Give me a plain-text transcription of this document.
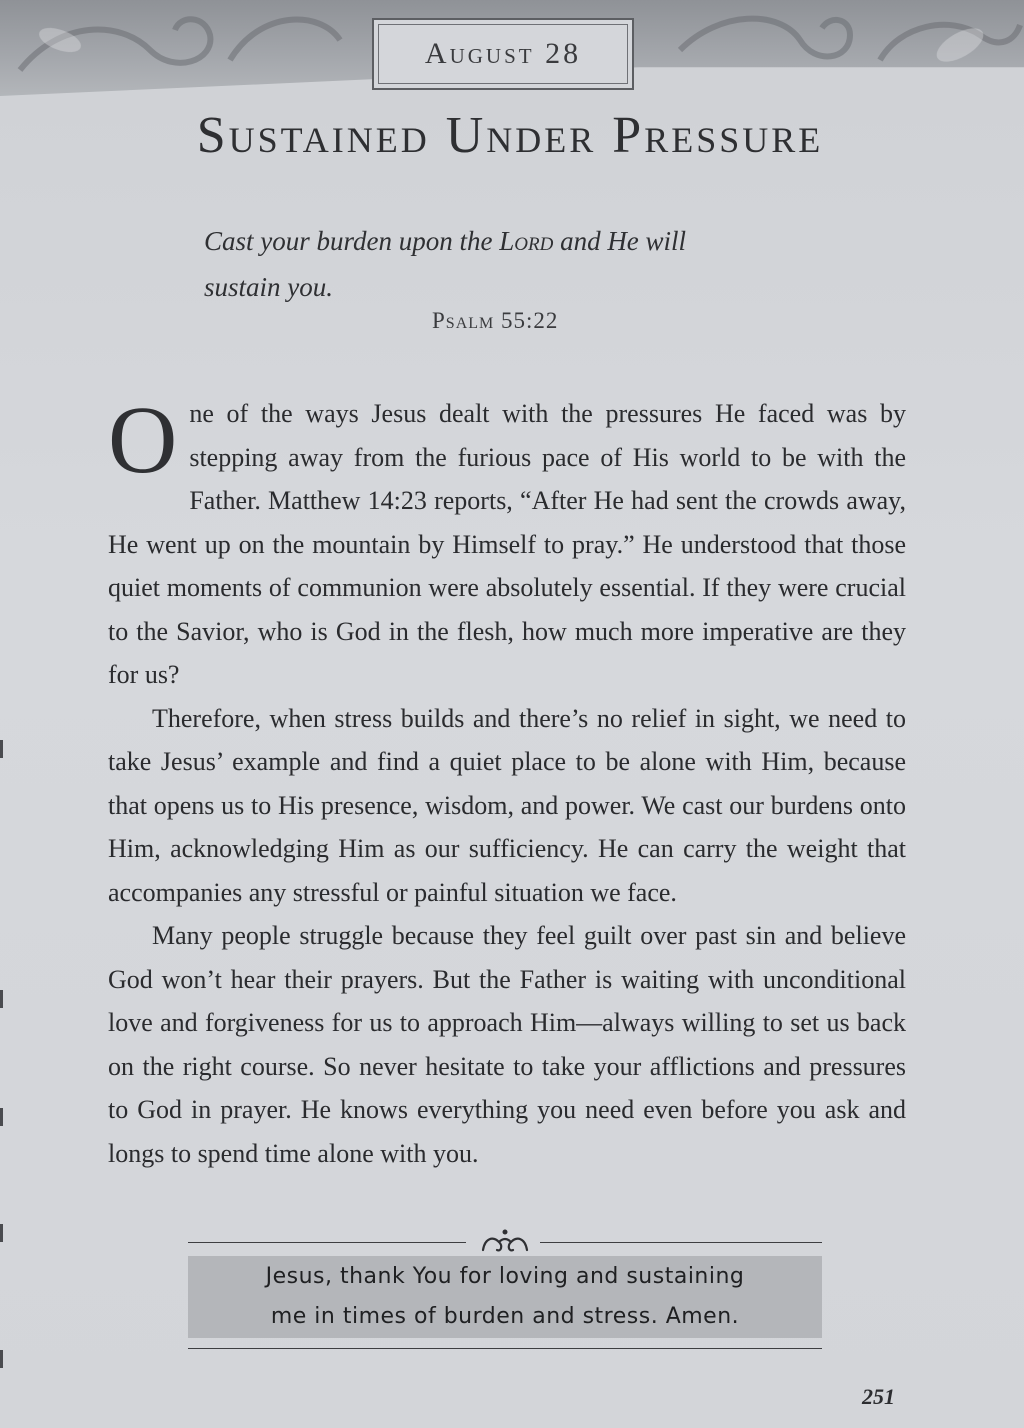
August 28
Sustained Under Pressure
Cast your burden upon the Lord and He will
sustain you.
Psalm 55:22

One of the ways Jesus dealt with the pressures He faced was by stepping away from the furious pace of His world to be with the Father. Matthew 14:23 reports, “After He had sent the crowds away, He went up on the mountain by Himself to pray.” He understood that those quiet moments of communion were absolutely essential. If they were crucial to the Savior, who is God in the flesh, how much more imperative are they for us?

Therefore, when stress builds and there’s no relief in sight, we need to take Jesus’ example and find a quiet place to be alone with Him, because that opens us to His presence, wisdom, and power. We cast our burdens onto Him, acknowledging Him as our sufficiency. He can carry the weight that accompanies any stressful or painful situation we face.

Many people struggle because they feel guilt over past sin and believe God won’t hear their prayers. But the Father is waiting with unconditional love and forgiveness for us to approach Him—always willing to set us back on the right course. So never hesitate to take your afflictions and pressures to God in prayer. He knows everything you need even before you ask and longs to spend time alone with you.

Jesus, thank You for loving and sustaining
me in times of burden and stress. Amen.
251
